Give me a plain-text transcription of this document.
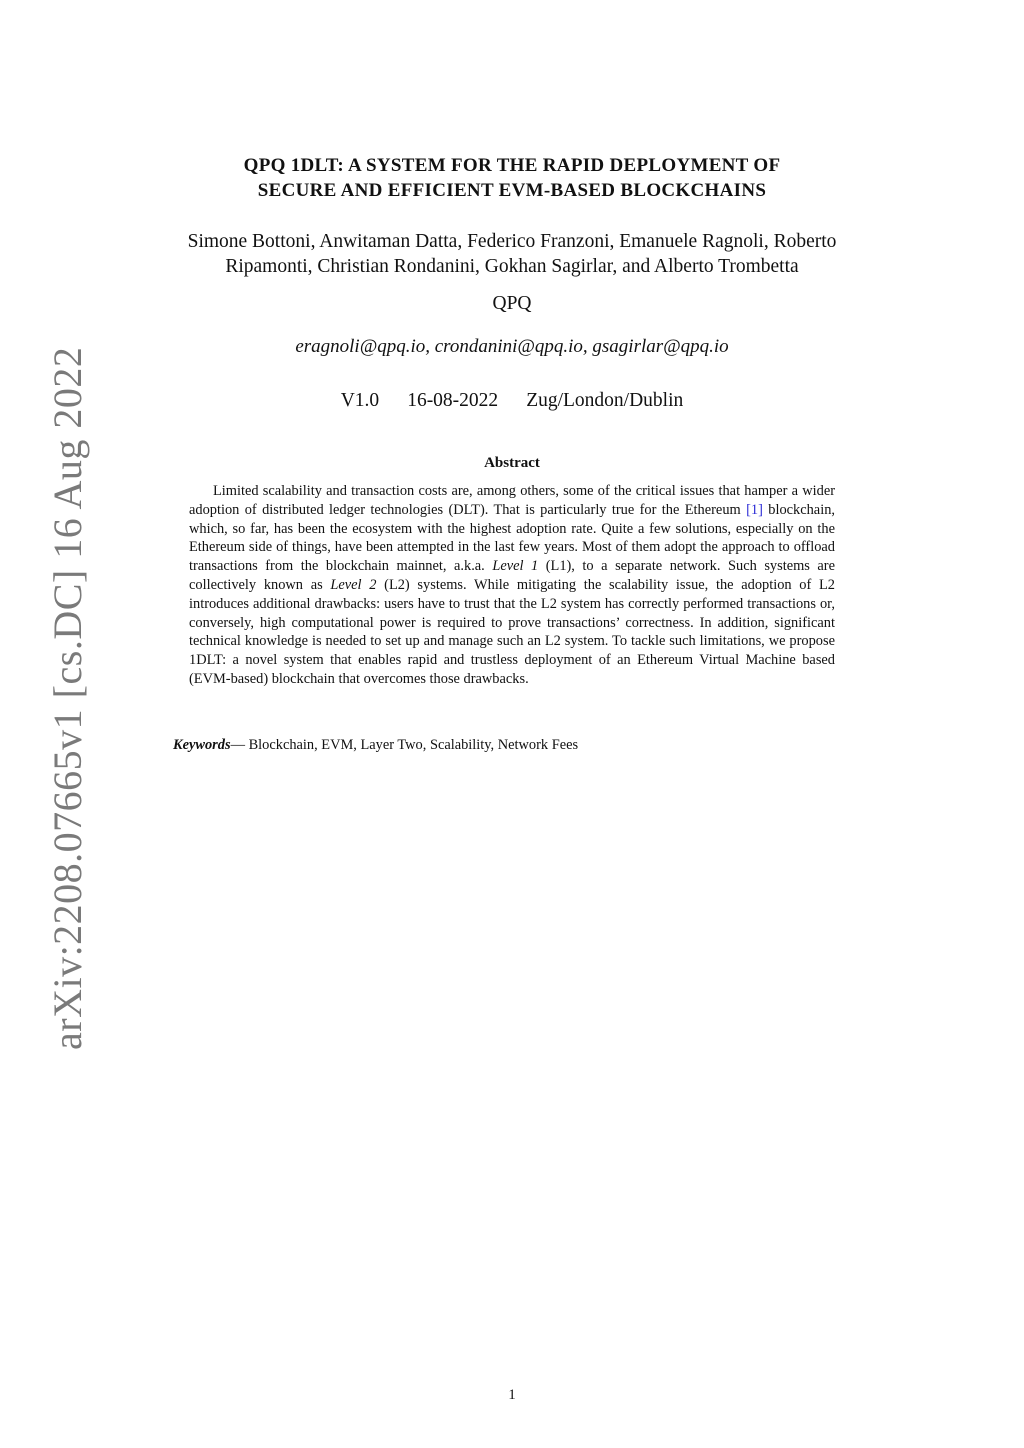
arXiv:2208.07665v1 [cs.DC] 16 Aug 2022
QPQ 1DLT: A SYSTEM FOR THE RAPID DEPLOYMENT OF
SECURE AND EFFICIENT EVM-BASED BLOCKCHAINS
Simone Bottoni, Anwitaman Datta, Federico Franzoni, Emanuele Ragnoli, Roberto
Ripamonti, Christian Rondanini, Gokhan Sagirlar, and Alberto Trombetta
QPQ
eragnoli@qpq.io, crondanini@qpq.io, gsagirlar@qpq.io
V1.0 16-08-2022 Zug/London/Dublin
Abstract

Limited scalability and transaction costs are, among others, some of the critical issues that hamper a wider adoption of distributed ledger technologies (DLT). That is particularly true for the Ethereum [1] blockchain, which, so far, has been the ecosystem with the highest adoption rate. Quite a few solutions, especially on the Ethereum side of things, have been attempted in the last few years. Most of them adopt the approach to offload transactions from the blockchain mainnet, a.k.a. Level 1 (L1), to a separate network. Such systems are collectively known as Level 2 (L2) systems. While mitigating the scalability issue, the adoption of L2 introduces additional drawbacks: users have to trust that the L2 system has correctly performed transactions or, conversely, high computational power is required to prove transactions’ correctness. In addition, significant technical knowledge is needed to set up and manage such an L2 system. To tackle such limitations, we propose 1DLT: a novel system that enables rapid and trustless deployment of an Ethereum Virtual Machine based (EVM-based) blockchain that overcomes those drawbacks.

Keywords— Blockchain, EVM, Layer Two, Scalability, Network Fees
1
